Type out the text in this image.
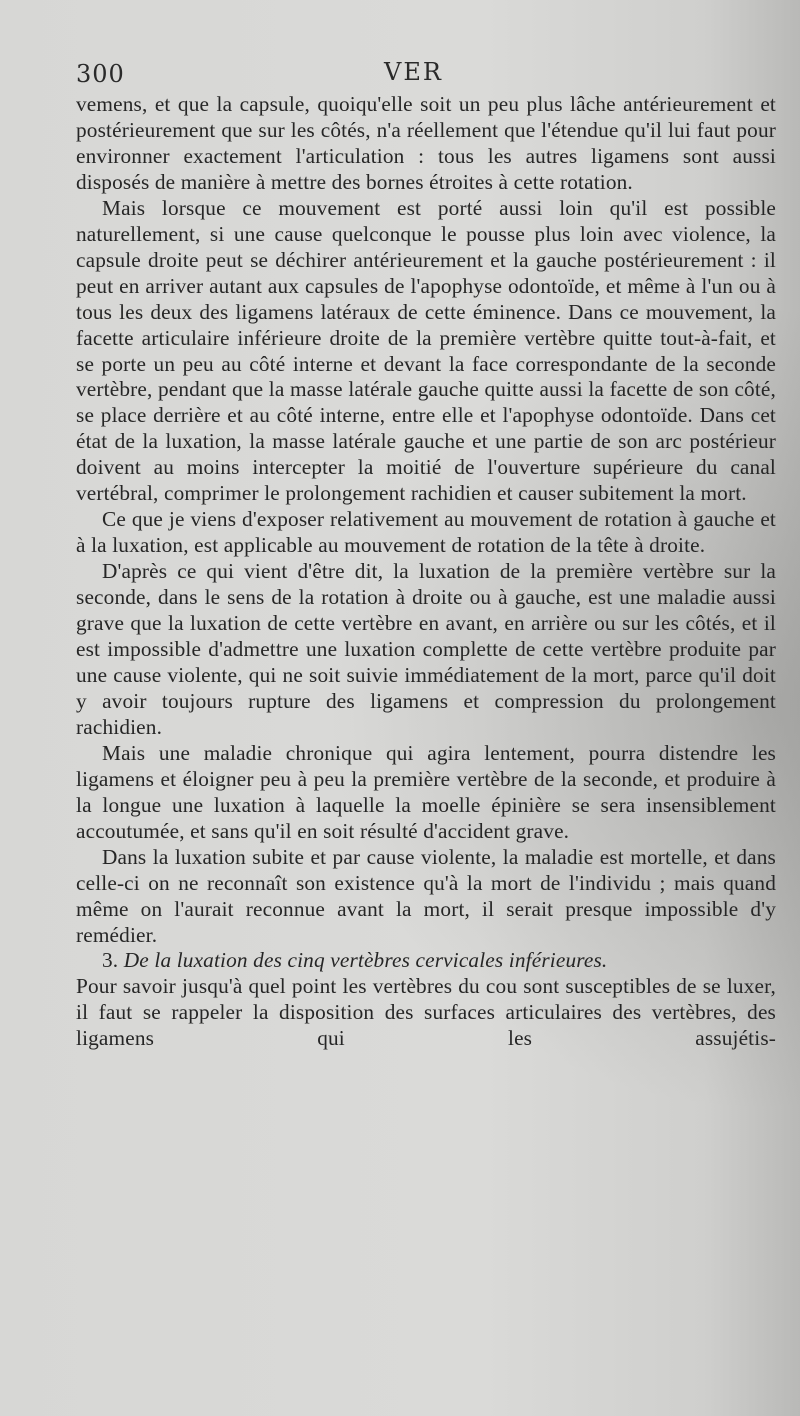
300	VER

vemens, et que la capsule, quoiqu'elle soit un peu plus lâche antérieurement et postérieurement que sur les côtés, n'a réellement que l'étendue qu'il lui faut pour environner exactement l'articulation : tous les autres ligamens sont aussi disposés de manière à mettre des bornes étroites à cette rotation.

Mais lorsque ce mouvement est porté aussi loin qu'il est possible naturellement, si une cause quelconque le pousse plus loin avec violence, la capsule droite peut se déchirer antérieurement et la gauche postérieurement : il peut en arriver autant aux capsules de l'apophyse odontoïde, et même à l'un ou à tous les deux des ligamens latéraux de cette éminence. Dans ce mouvement, la facette articulaire inférieure droite de la première vertèbre quitte tout-à-fait, et se porte un peu au côté interne et devant la face correspondante de la seconde vertèbre, pendant que la masse latérale gauche quitte aussi la facette de son côté, se place derrière et au côté interne, entre elle et l'apophyse odontoïde. Dans cet état de la luxation, la masse latérale gauche et une partie de son arc postérieur doivent au moins intercepter la moitié de l'ouverture supérieure du canal vertébral, comprimer le prolongement rachidien et causer subitement la mort.

Ce que je viens d'exposer relativement au mouvement de rotation à gauche et à la luxation, est applicable au mouvement de rotation de la tête à droite.

D'après ce qui vient d'être dit, la luxation de la première vertèbre sur la seconde, dans le sens de la rotation à droite ou à gauche, est une maladie aussi grave que la luxation de cette vertèbre en avant, en arrière ou sur les côtés, et il est impossible d'admettre une luxation complette de cette vertèbre produite par une cause violente, qui ne soit suivie immédiatement de la mort, parce qu'il doit y avoir toujours rupture des ligamens et compression du prolongement rachidien.

Mais une maladie chronique qui agira lentement, pourra distendre les ligamens et éloigner peu à peu la première vertèbre de la seconde, et produire à la longue une luxation à laquelle la moelle épinière se sera insensiblement accoutumée, et sans qu'il en soit résulté d'accident grave.

Dans la luxation subite et par cause violente, la maladie est mortelle, et dans celle-ci on ne reconnaît son existence qu'à la mort de l'individu ; mais quand même on l'aurait reconnue avant la mort, il serait presque impossible d'y remédier.

3. De la luxation des cinq vertèbres cervicales inférieures.

Pour savoir jusqu'à quel point les vertèbres du cou sont susceptibles de se luxer, il faut se rappeler la disposition des surfaces articulaires des vertèbres, des ligamens qui les assujétis-
